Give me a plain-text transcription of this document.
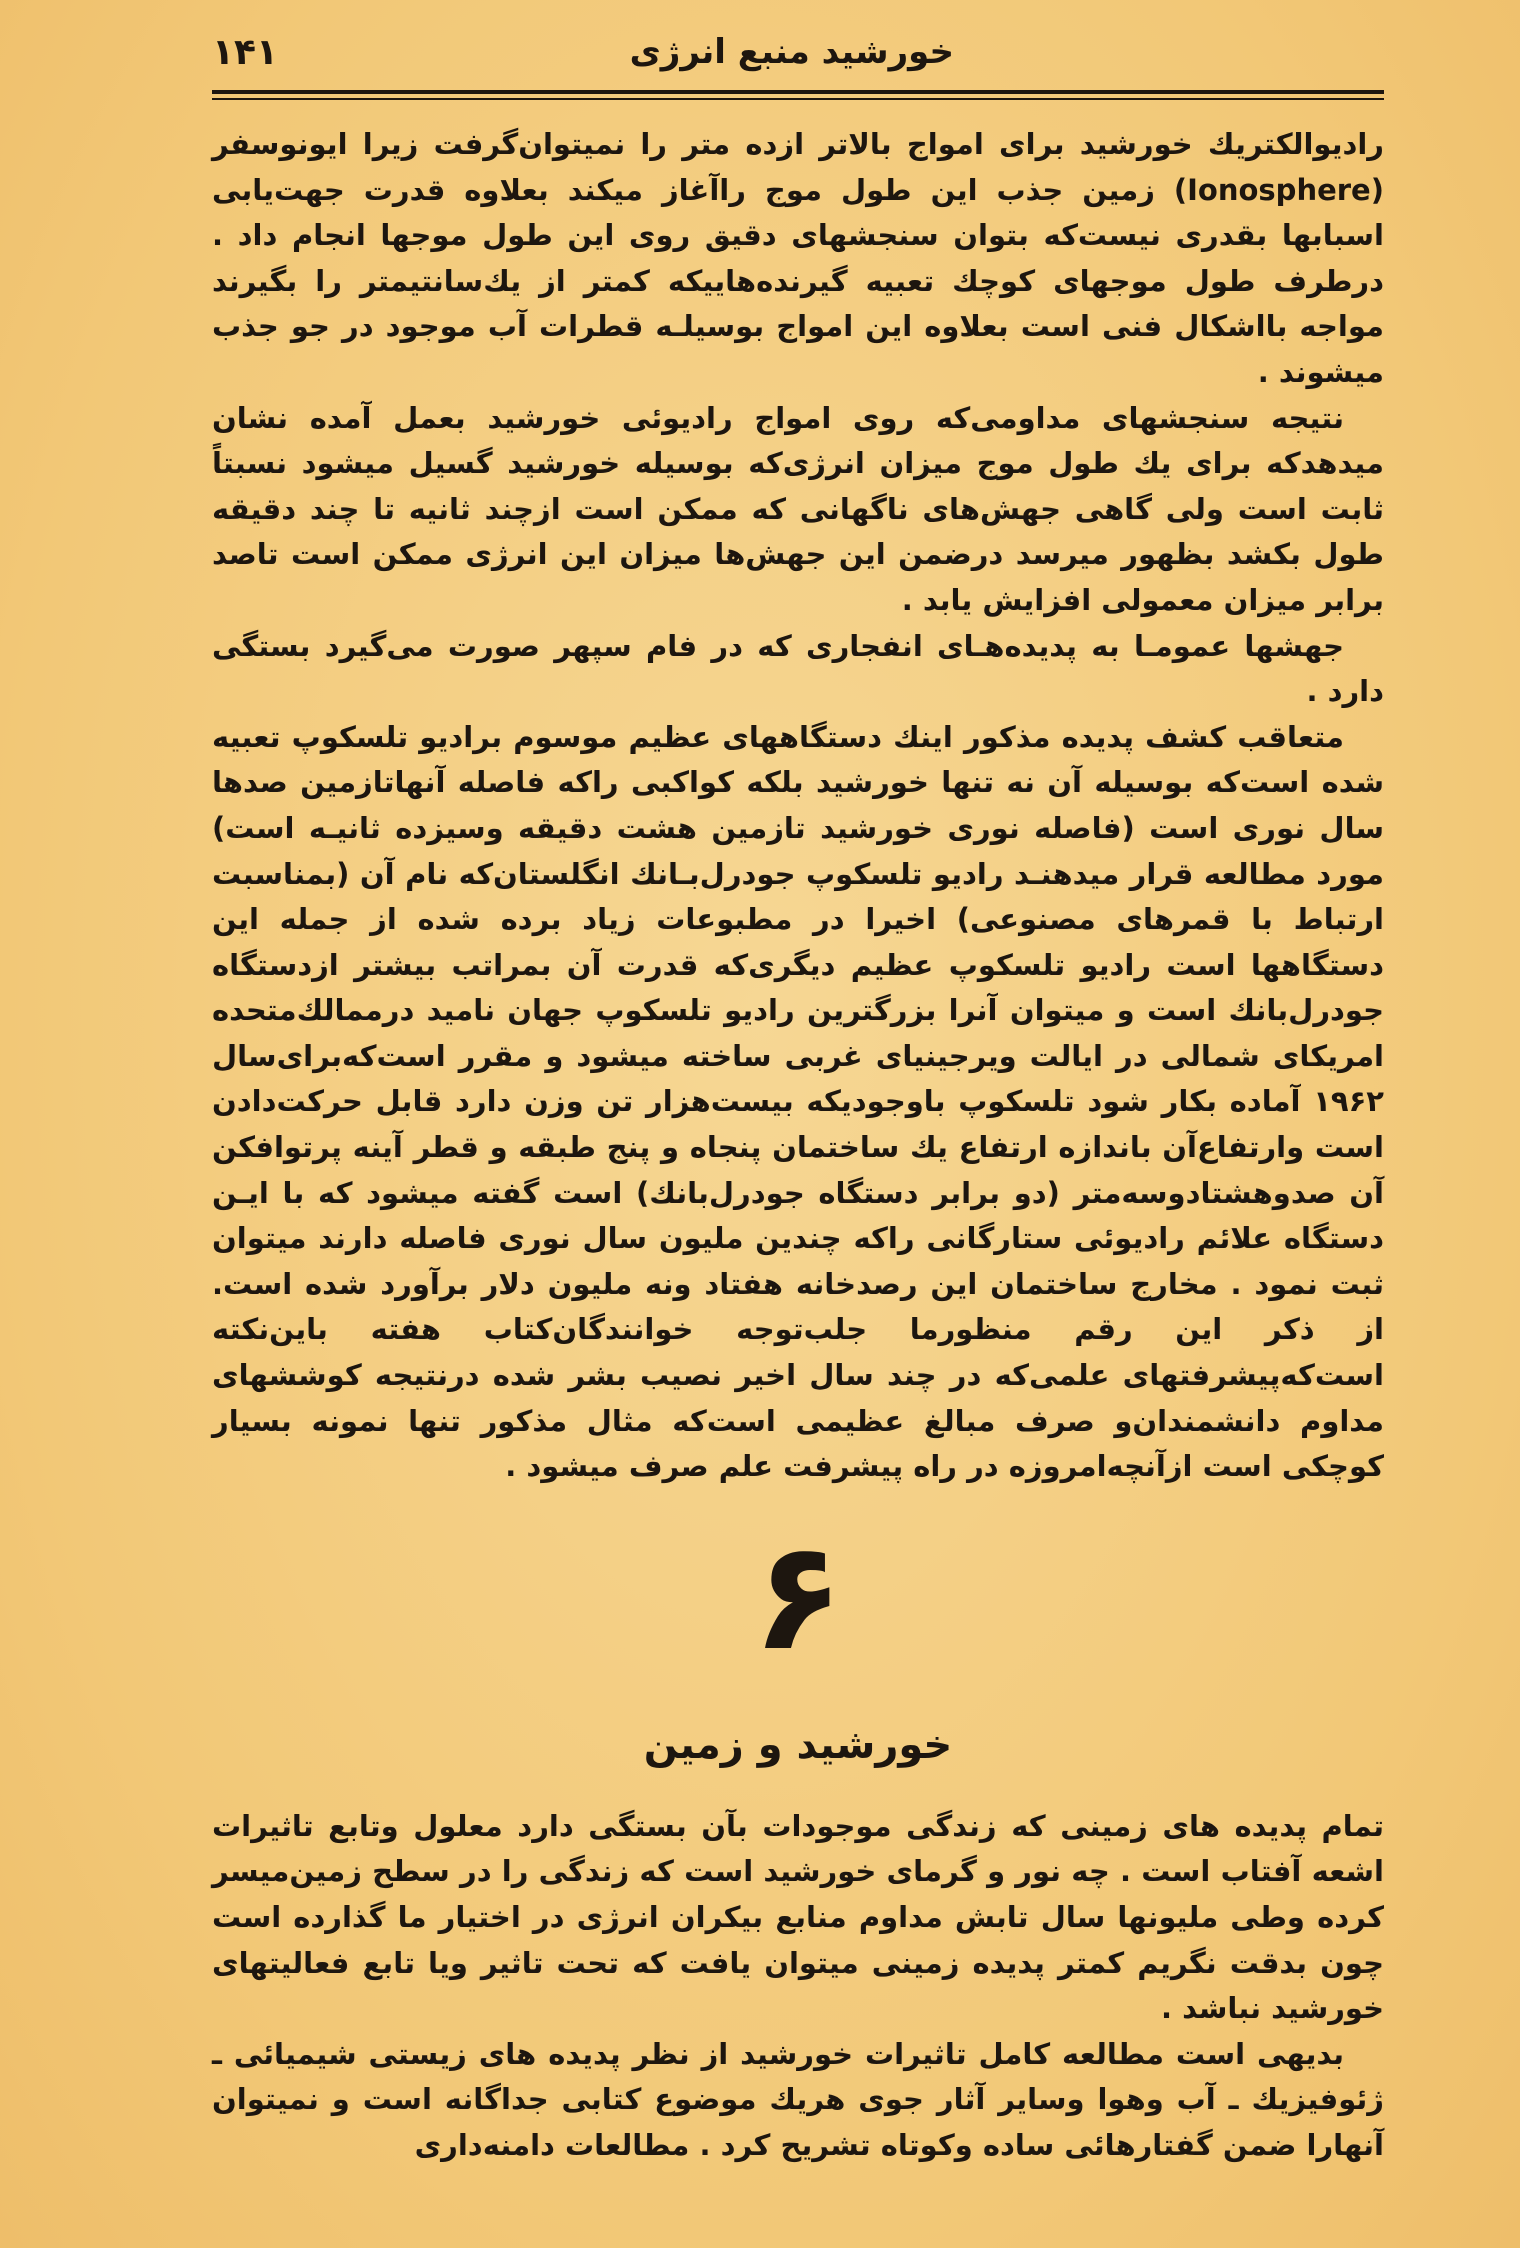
خورشید منبع انرژی
۱۴۱

رادیوالکتریك خورشید برای امواج بالاتر ازده متر را نمیتوان‌گرفت زیرا ایونوسفر (Ionosphere) زمین جذب این طول موج راآغاز میکند بعلاوه قدرت جهت‌یابی اسبابها بقدری نیست‌که بتوان سنجشهای دقیق روی این طول موجها انجام داد . درطرف طول موجهای کوچك تعبیه گیرنده‌هاییکه کمتر از یك‌سانتیمتر را بگیرند مواجه بااشکال فنی است بعلاوه این امواج بوسیلـه قطرات آب موجود در جو جذب میشوند .

نتیجه سنجشهای مداومی‌که روی امواج رادیوئی خورشید بعمل آمده نشان میدهدکه برای یك طول موج میزان انرژی‌که بوسیله خورشید گسیل میشود نسبتاً ثابت است ولی گاهی جهش‌های ناگهانی که ممکن است ازچند ثانیه تا چند دقیقه طول بکشد بظهور میرسد درضمن این جهش‌ها میزان این انرژی ممکن است تاصد برابر میزان معمولی افزایش یابد .

جهشها عمومـا به پدیده‌هـای انفجاری که در فام سپهر صورت می‌گیرد بستگی دارد .

متعاقب کشف پدیده مذکور اینك دستگاههای عظیم موسوم برادیو تلسکوپ تعبیه شده است‌که بوسیله آن نه تنها خورشید بلکه کواکبی راکه فاصله آنهاتازمین صدها سال نوری است (فاصله نوری خورشید تازمین هشت دقیقه وسیزده ثانیـه است) مورد مطالعه قرار میدهنـد رادیو تلسکوپ جودرل‌بـانك انگلستان‌که نام آن (بمناسبت ارتباط با قمرهای مصنوعی) اخیرا در مطبوعات زیاد برده شده از جمله این دستگاهها است رادیو تلسکوپ عظیم دیگری‌که قدرت آن بمراتب بیشتر ازدستگاه جودرل‌بانك است و میتوان آنرا بزرگترین رادیو تلسکوپ جهان نامید درممالك‌متحده امریکای شمالی در ایالت ویرجینیای غربی ساخته میشود و مقرر است‌که‌برای‌سال ۱۹۶۲ آماده بکار شود تلسکوپ باوجودیکه بیست‌هزار تن وزن دارد قابل حرکت‌دادن است وارتفاع‌آن باندازه ارتفاع یك ساختمان پنجاه و پنج طبقه و قطر آینه پرتوافکن آن صدوهشتادوسه‌متر (دو برابر دستگاه جودرل‌بانك) است گفته میشود که با ایـن دستگاه علائم رادیوئی ستارگانی راکه چندین ملیون سال نوری فاصله دارند میتوان ثبت نمود . مخارج ساختمان این رصدخانه هفتاد ونه ملیون دلار برآورد شده است. از ذکر این رقم منظورما جلب‌توجه خوانندگان‌کتاب هفته باین‌نکته است‌که‌پیشرفتهای علمی‌که در چند سال اخیر نصیب بشر شده درنتیجه کوششهای مداوم دانشمندان‌و صرف مبالغ عظیمی است‌که مثال مذکور تنها نمونه بسیار کوچکی است ازآنچه‌امروزه در راه پیشرفت علم صرف میشود .

۶
خورشید و زمین

تمام پدیده های زمینی که زندگی موجودات بآن بستگی دارد معلول وتابع تاثیرات اشعه آفتاب است . چه نور و گرمای خورشید است که زندگی را در سطح زمین‌میسر کرده وطی ملیونها سال تابش مداوم منابع بیکران انرژی در اختیار ما گذارده است چون بدقت نگریم کمتر پدیده زمینی میتوان یافت که تحت تاثیر ویا تابع فعالیتهای خورشید نباشد .

بدیهی است مطالعه کامل تاثیرات خورشید از نظر پدیده های زیستی شیمیائی ـ ژئوفیزیك ـ آب وهوا وسایر آثار جوی هریك موضوع کتابی جداگانه است و نمیتوان آنهارا ضمن گفتارهائی ساده وکوتاه تشریح کرد . مطالعات دامنه‌داری
